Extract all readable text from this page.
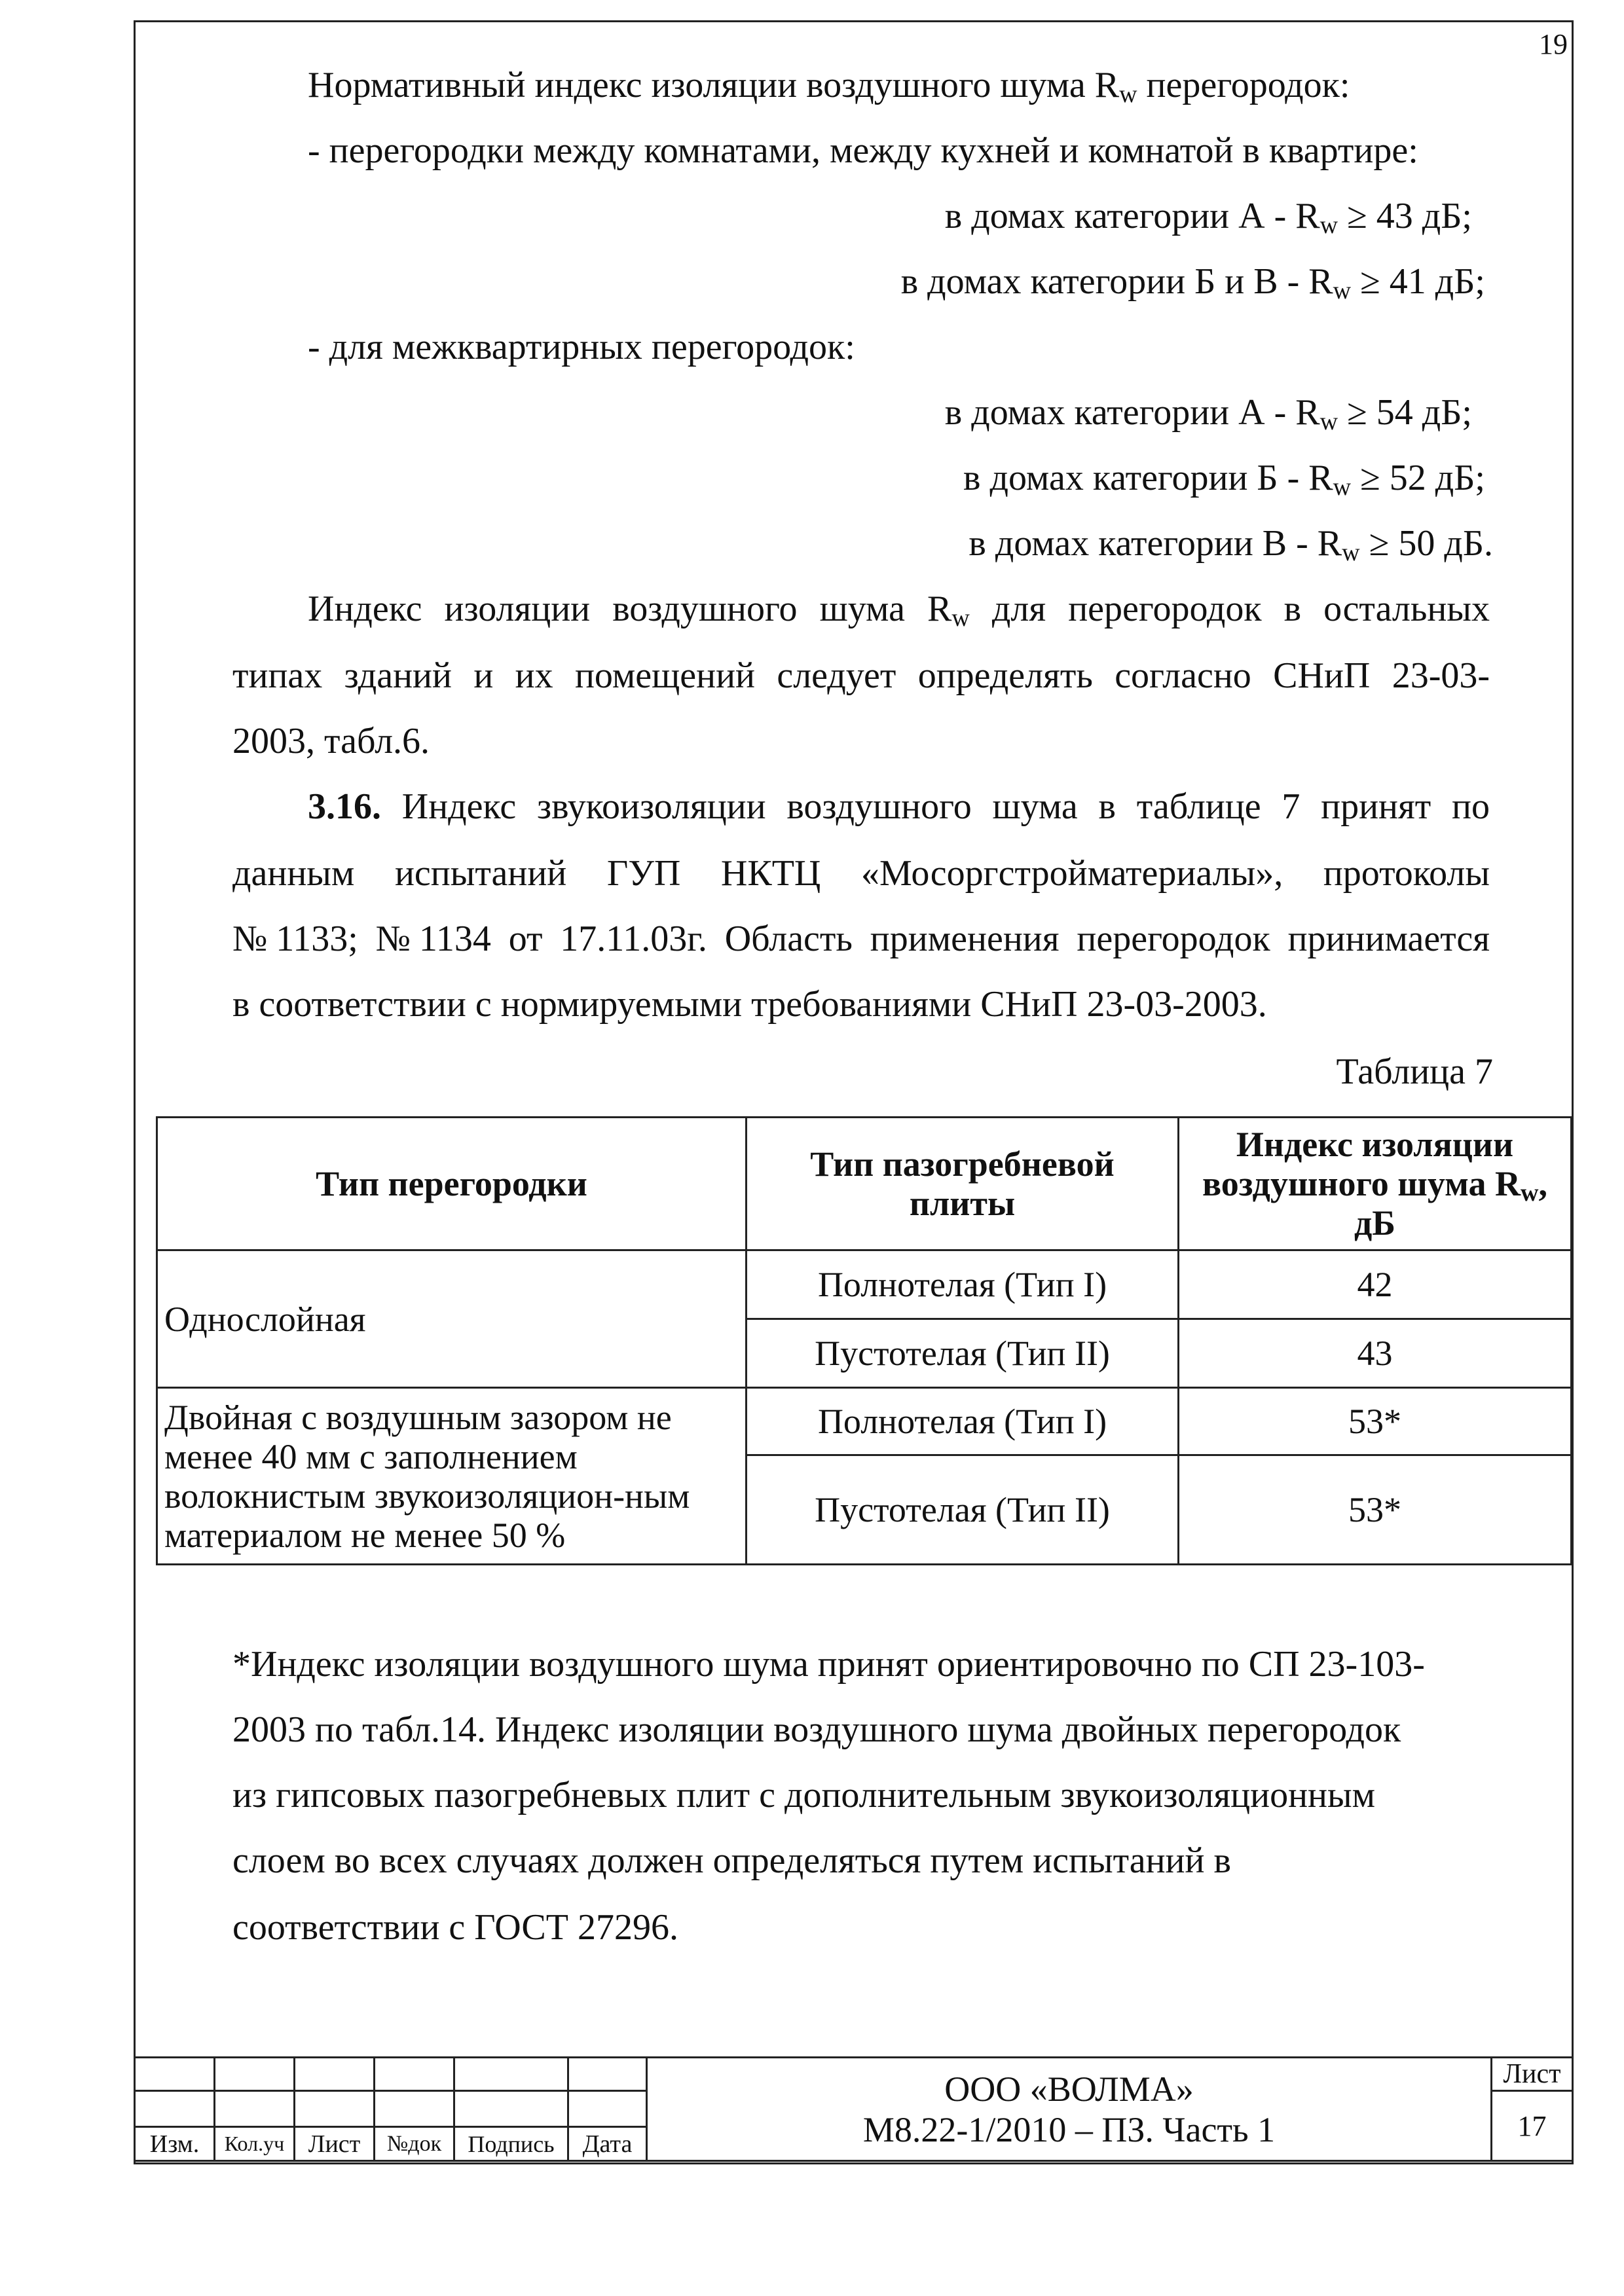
19
Нормативный индекс изоляции воздушного шума $R_w$ перегородок:
- перегородки между комнатами, между кухней и комнатой в квартире:
в домах категории $А - R_w \ge 43$ дБ;
в домах категории Б и $В - R_w \ge 41$ дБ;
- для межквартирных перегородок:
в домах категории $А - R_w \ge 54$ дБ;
в домах категории $Б - R_w \ge 52$ дБ;
в домах категории $В - R_w \ge 50$ дБ.
Индекс изоляции воздушного шума $R_w$ для перегородок в остальных
типах зданий и их помещений следует определять согласно СНиП 23-03-
2003, табл.6.
3.16. Индекс звукоизоляции воздушного шума в таблице 7 принят по
данным испытаний ГУП НКТЦ «Мосоргстройматериалы», протоколы
№1133; №1134 от 17.11.03г. Область применения перегородок принимается
в соответствии с нормируемыми требованиями СНиП 23-03-2003.
Таблица 7
Тип перегородки	Тип пазогребневой плиты	Индекс изоляции воздушного шума $R_w$, дБ
Однослойная	Полнотелая (Тип I)	42
	Пустотелая (Тип II)	43
Двойная с воздушным зазором не менее 40 мм с заполнением волокнистым звукоизоляцион-ным материалом не менее 50 %	Полнотелая (Тип I)	53*
	Пустотелая (Тип II)	53*
*Индекс изоляции воздушного шума принят ориентировочно по СП 23-103-
2003 по табл.14. Индекс изоляции воздушного шума двойных перегородок
из гипсовых пазогребневых плит с дополнительным звукоизоляционным
слоем во всех случаях должен определяться путем испытаний в
соответствии с ГОСТ 27296.

						ООО «ВОЛМА»
М8.22-1/2010 – ПЗ. Часть 1	Лист
							17
Изм.	Кол.уч	Лист	№док	Подпись	Дата		
